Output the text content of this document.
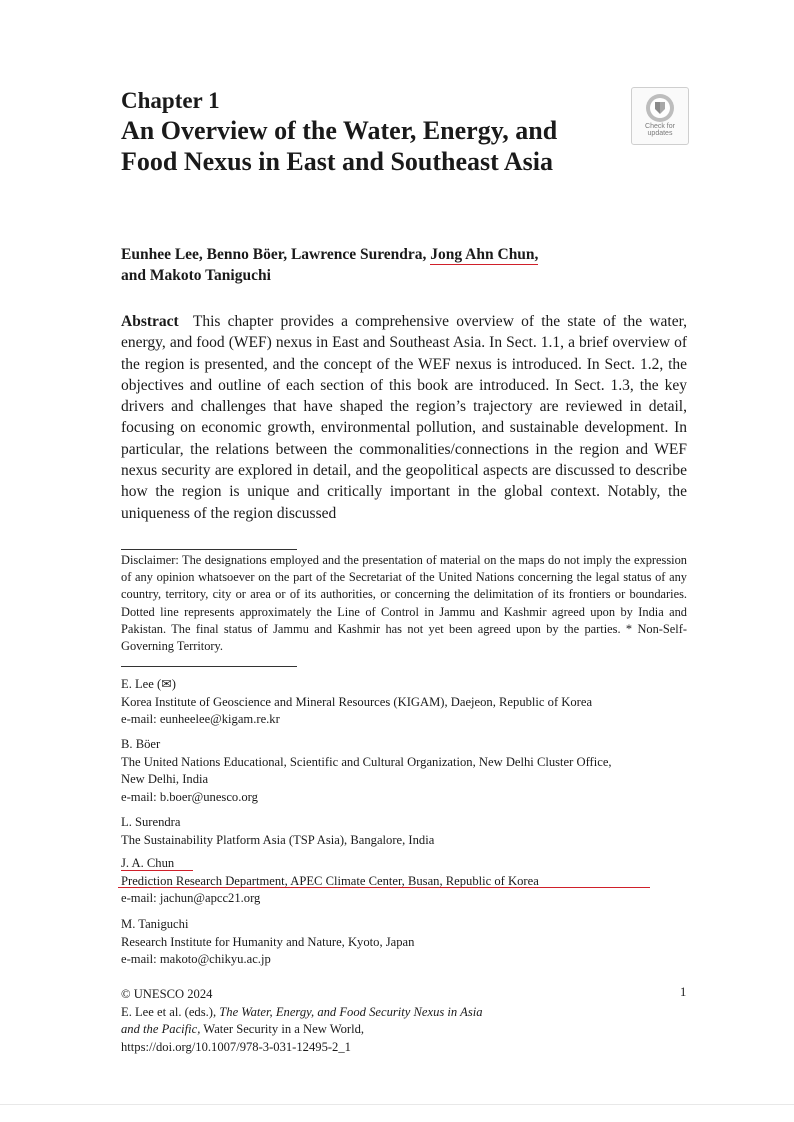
Chapter 1
An Overview of the Water, Energy, and Food Nexus in East and Southeast Asia
Check for
updates
Eunhee Lee, Benno Böer, Lawrence Surendra, Jong Ahn Chun,
and Makoto Taniguchi
Abstract This chapter provides a comprehensive overview of the state of the water, energy, and food (WEF) nexus in East and Southeast Asia. In Sect. 1.1, a brief overview of the region is presented, and the concept of the WEF nexus is introduced. In Sect. 1.2, the objectives and outline of each section of this book are introduced. In Sect. 1.3, the key drivers and challenges that have shaped the region’s trajectory are reviewed in detail, focusing on economic growth, environmental pollution, and sustainable development. In particular, the relations between the commonalities/connections in the region and WEF nexus security are explored in detail, and the geopolitical aspects are discussed to describe how the region is unique and critically important in the global context. Notably, the uniqueness of the region discussed
Disclaimer: The designations employed and the presentation of material on the maps do not imply the expression of any opinion whatsoever on the part of the Secretariat of the United Nations concerning the legal status of any country, territory, city or area or of its authorities, or concerning the delimitation of its frontiers or boundaries. Dotted line represents approximately the Line of Control in Jammu and Kashmir agreed upon by India and Pakistan. The final status of Jammu and Kashmir has not yet been agreed upon by the parties. * Non-Self-Governing Territory.
E. Lee (✉)
Korea Institute of Geoscience and Mineral Resources (KIGAM), Daejeon, Republic of Korea
e-mail: eunheelee@kigam.re.kr
B. Böer
The United Nations Educational, Scientific and Cultural Organization, New Delhi Cluster Office,
New Delhi, India
e-mail: b.boer@unesco.org
L. Surendra
The Sustainability Platform Asia (TSP Asia), Bangalore, India
J. A. Chun
Prediction Research Department, APEC Climate Center, Busan, Republic of Korea
e-mail: jachun@apcc21.org
M. Taniguchi
Research Institute for Humanity and Nature, Kyoto, Japan
e-mail: makoto@chikyu.ac.jp
© UNESCO 2024
E. Lee et al. (eds.), The Water, Energy, and Food Security Nexus in Asia
and the Pacific, Water Security in a New World,
https://doi.org/10.1007/978-3-031-12495-2_1
1
